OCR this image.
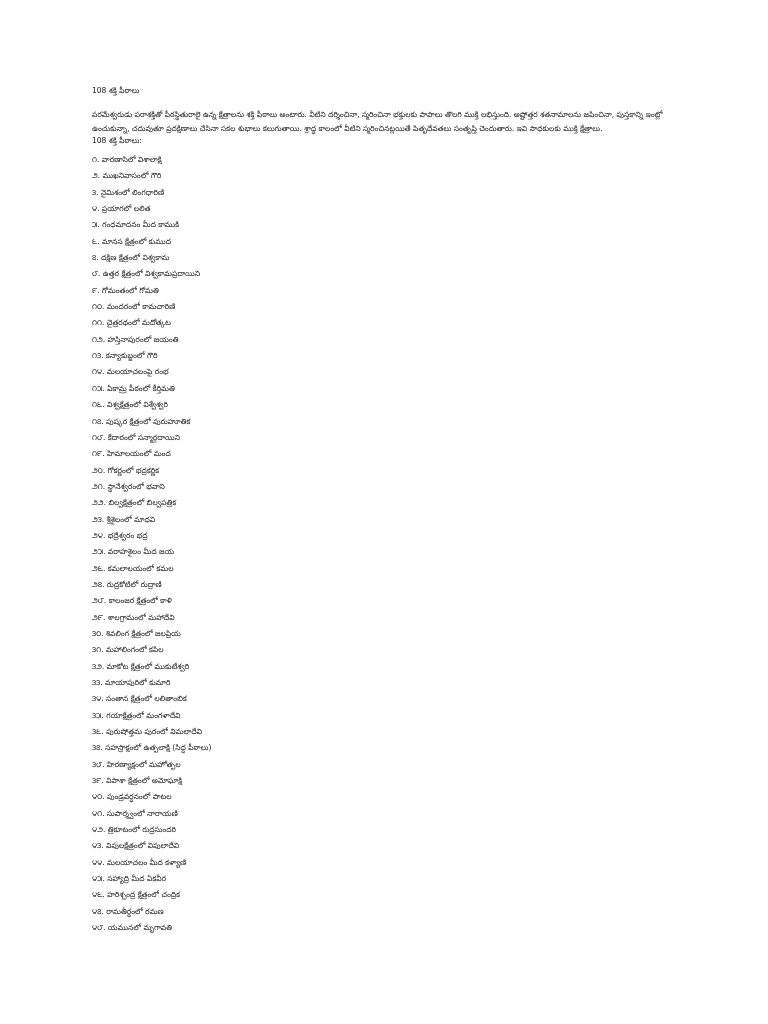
108 శక్తి పీఠాలు

పరమేశ్వరుడు పరాశక్తితో పీఠస్థితురాలై ఉన్న క్షేత్రాలను శక్తి పీఠాలు అంటారు. వీటిని దర్శించినా, స్మరించినా భక్తులకు పాపాలు తొలగి ముక్తి లభిస్తుంది. అష్టోత్తర శతనామాలను జపించినా, పుస్తకాన్ని ఇంట్లో ఉంచుకున్నా, చదువుతూ ప్రదక్షిణాలు చేసినా సకల శుభాలు కలుగుతాయి. శ్రాద్ధ కాలంలో వీటిని స్మరించినట్లయితే పితృదేవతలు సంతృప్తి చెందుతారు. ఇవి సాధకులకు ముక్తి క్షేత్రాలు.

108 శక్తి పీఠాలు:

౧. వారణాసిలో విశాలాక్షి
౨. ముఖనివాసంలో గౌరి
౩. నైమిశంలో లింగధారిణి
౪. ప్రయాగలో లలిత
౫. గంధమాదనం మీద కాముకి
౬. మానస క్షేత్రంలో కుముద
౭. దక్షిణ క్షేత్రంలో విశ్వకామ
౮. ఉత్తర క్షేత్రంలో విశ్వకామప్రదాయిని
౯. గోమంతంలో గోమతి
౧౦. మందరంలో కామచారిణి
౧౧. చైత్రరథంలో మదోత్కట
౧౨. హస్తినాపురంలో జయంతి
౧౩. కన్యాకుబ్జంలో గౌరి
౧౪. మలయాచలంపై రంభ
౧౫. ఏకామ్ర పీఠంలో కీర్తిమతి
౧౬. విశ్వక్షేత్రంలో విశ్వేశ్వరి
౧౭. పుష్కర క్షేత్రంలో పురుహూతిక
౧౮. కేదారంలో సన్మార్గదాయిని
౧౯. హిమాలయంలో మంద
౨౦. గోకర్ణంలో భద్రకర్ణిక
౨౧. స్థానేశ్వరంలో భవాని
౨౨. బిల్వక్షేత్రంలో బిల్వపత్రిక
౨౩. శ్రీశైలంలో మాధవి
౨౪. భద్రేశ్వరం భద్ర
౨౫. వరాహశైలం మీద జయ
౨౬. కమలాలయంలో కమల
౨౭. రుద్రకోటిలో రుద్రాణి
౨౮. కాలంజర క్షేత్రంలో కాళి
౨౯. శాలగ్రామంలో మహాదేవి
౩౦. శివలింగ క్షేత్రంలో జలప్రియ
౩౧. మహాలింగంలో కపిల
౩౨. మాకోట క్షేత్రంలో ముకుటేశ్వరి
౩౩. మాయాపురిలో కుమారి
౩౪. సంతాన క్షేత్రంలో లలితాంబిక
౩౫. గయాక్షేత్రంలో మంగళాదేవి
౩౬. పురుషోత్తమ పురంలో విమలాదేవి
౩౭. సహస్రాక్షంలో ఉత్పలాక్షి (సిద్ధ పీఠాలు)
౩౮. హిరణ్యాక్షంలో మహోత్పల
౩౯. విపాశా క్షేత్రంలో అమోఘాక్షి
౪౦. పుండ్రవర్ధనంలో పాటల
౪౧. సుపార్శ్వంలో నారాయణి
౪౨. త్రికూటంలో రుద్రసుందరి
౪౩. విపులక్షేత్రంలో విపులాదేవి
౪౪. మలయాచలం మీద కళ్యాణి
౪౫. సహ్యాద్రి మీద ఏకవీర
౪౬. హరిశ్చంద్ర క్షేత్రంలో చంద్రిక
౪౭. రామతీర్థంలో రమణ
౪౮. యమునలో మృగావతి
